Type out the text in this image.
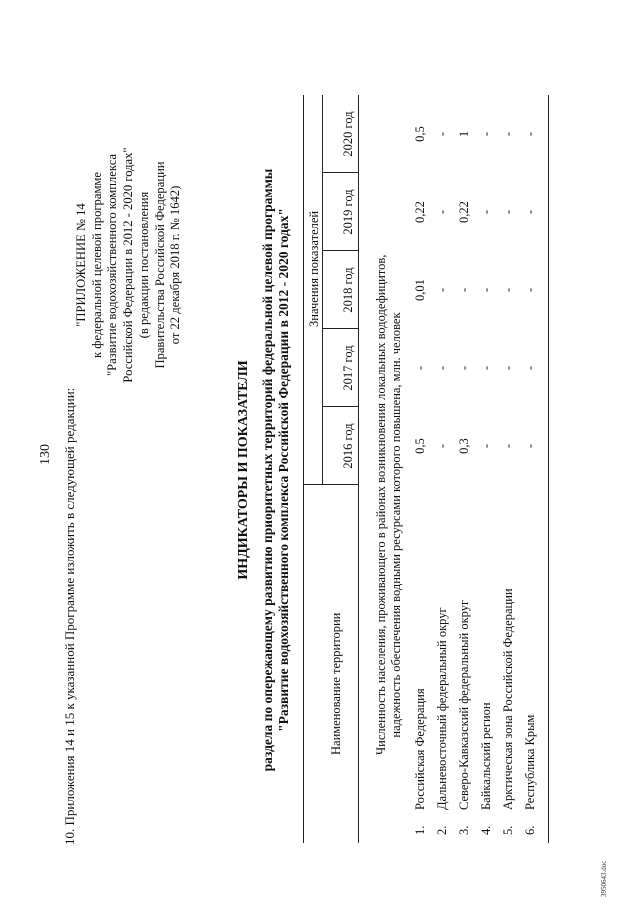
130 10. Приложения 14 и 15 к указанной Программе изложить в следующей редакции:
"ПРИЛОЖЕНИЕ № 14 к федеральной целевой программе "Развитие водохозяйственного комплекса Российской Федерации в 2012 - 2020 годах" (в редакции постановления Правительства Российской Федерации от 22 декабря 2018 г. № 1642)
ИНДИКАТОРЫ И ПОКАЗАТЕЛИ раздела по опережающему развитию приоритетных территорий федеральной целевой программы "Развитие водохозяйственного комплекса Российской Федерации в 2012 - 2020 годах"	Наименование территории
Значения показателей
2016 год
2017 год
2018 год
2019 год
2020 год
Численность населения, проживающего в районах возникновения локальных вододефицитов, надежность обеспечения водными ресурсами которого повышена, млн. человек
1.
Российская Федерация
0,5
-
0,01
0,22
0,5
2.
Дальневосточный федеральный округ
-
-
-
-
-
3.
Северо-Кавказский федеральный округ
0,3
-
-
0,22
1
4.
Байкальский регион
-
-
-
-
-
5.
Арктическая зона Российской Федерации
-
-
-
-
-
6.
Республика Крым
-
-
-
-
-
3950643.doc
